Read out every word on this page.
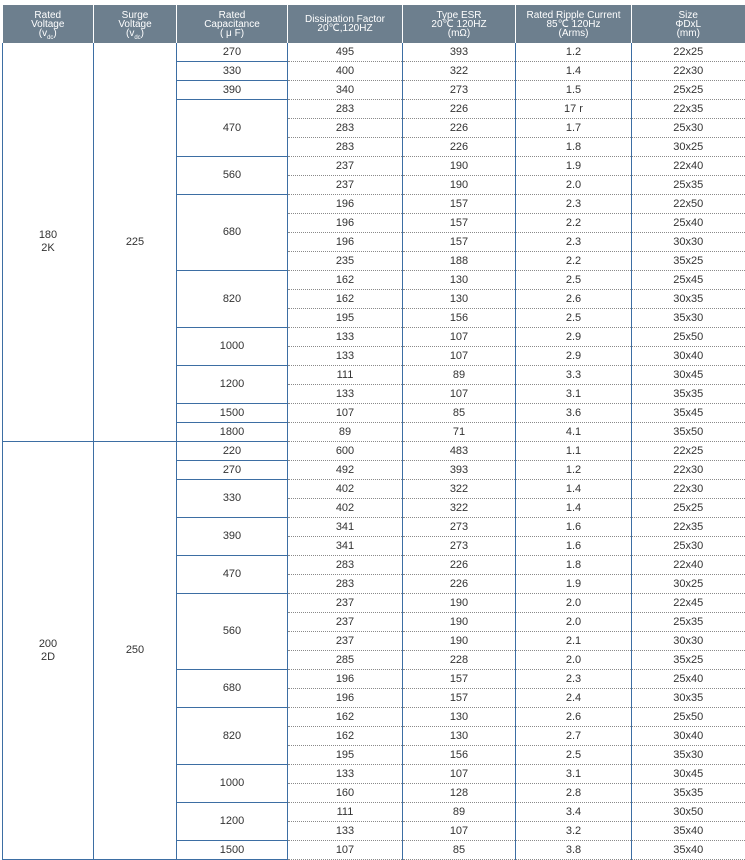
Rated
Voltage
$(v_{dc})$	Surge
Voltage
$(v_{dc})$	Rated
Capacitance
( μ F)	Dissipation Factor
20℃,120HZ	Type ESR
20℃ 120HZ
(mΩ)	Rated Ripple Current
85℃ 120Hz
(Arms)	Size
ΦDxL
(mm)
180
2K	225	270	495	393	1.2	22x25
		330	400	322	1.4	22x30
		390	340	273	1.5	25x25
		470	283	226	17 r	22x35
			283	226	1.7	25x30
			283	226	1.8	30x25
		560	237	190	1.9	22x40
			237	190	2.0	25x35
		680	196	157	2.3	22x50
			196	157	2.2	25x40
			196	157	2.3	30x30
			235	188	2.2	35x25
		820	162	130	2.5	25x45
			162	130	2.6	30x35
			195	156	2.5	35x30
		1000	133	107	2.9	25x50
			133	107	2.9	30x40
		1200	111	89	3.3	30x45
			133	107	3.1	35x35
		1500	107	85	3.6	35x45
		1800	89	71	4.1	35x50
200
2D	250	220	600	483	1.1	22x25
		270	492	393	1.2	22x30
		330	402	322	1.4	22x30
			402	322	1.4	25x25
		390	341	273	1.6	22x35
			341	273	1.6	25x30
		470	283	226	1.8	22x40
			283	226	1.9	30x25
		560	237	190	2.0	22x45
			237	190	2.0	25x35
			237	190	2.1	30x30
			285	228	2.0	35x25
		680	196	157	2.3	25x40
			196	157	2.4	30x35
		820	162	130	2.6	25x50
			162	130	2.7	30x40
			195	156	2.5	35x30
		1000	133	107	3.1	30x45
			160	128	2.8	35x35
		1200	111	89	3.4	30x50
			133	107	3.2	35x40
		1500	107	85	3.8	35x40
